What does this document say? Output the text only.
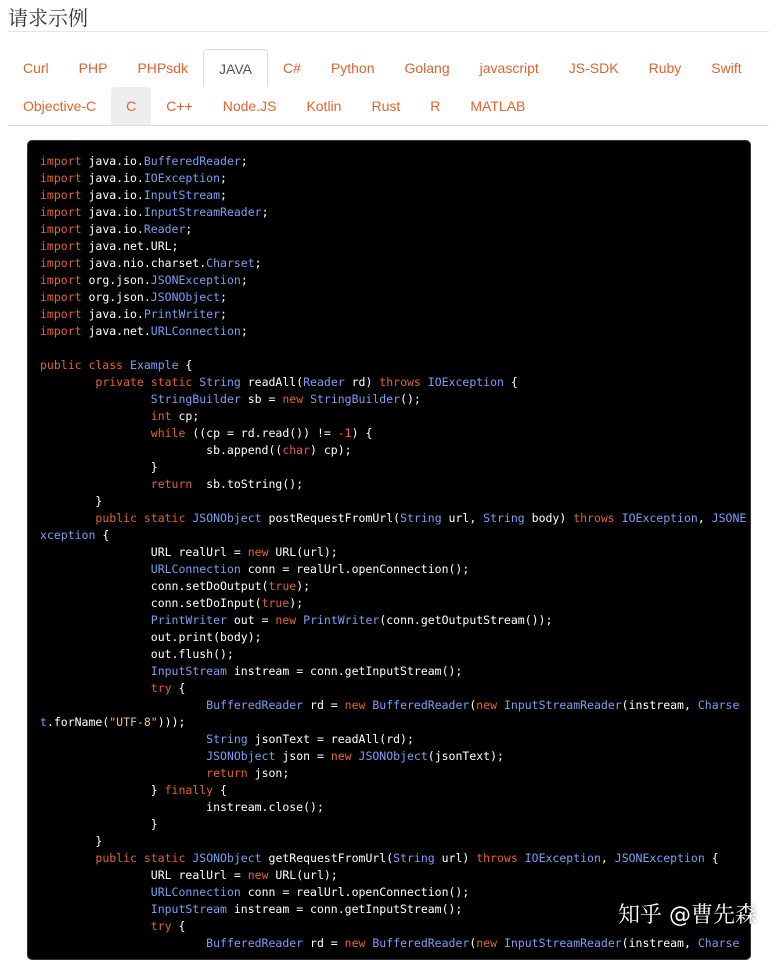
请求示例
Curl	PHP	PHPsdk	JAVA	C#	Python	Golang	javascript	JS-SDK	Ruby	Swift
Objective-C	C	C++	Node.JS	Kotlin	Rust	R	MATLAB
import java.io.BufferedReader;
import java.io.IOException;
import java.io.InputStream;
import java.io.InputStreamReader;
import java.io.Reader;
import java.net.URL;
import java.nio.charset.Charset;
import org.json.JSONException;
import org.json.JSONObject;
import java.io.PrintWriter;
import java.net.URLConnection;

public class Example {
private static String readAll(Reader rd) throws IOException {
StringBuilder sb = new StringBuilder();
int cp;
while ((cp = rd.read()) != -1) {
sb.append((char) cp);
}
return  sb.toString();
}
public static JSONObject postRequestFromUrl(String url, String body) throws IOException, JSONE
xception {
URL realUrl = new URL(url);
URLConnection conn = realUrl.openConnection();
conn.setDoOutput(true);
conn.setDoInput(true);
PrintWriter out = new PrintWriter(conn.getOutputStream());
out.print(body);
out.flush();
InputStream instream = conn.getInputStream();
try {
BufferedReader rd = new BufferedReader(new InputStreamReader(instream, Charse
t.forName("UTF-8")));
String jsonText = readAll(rd);
JSONObject json = new JSONObject(jsonText);
return json;
} finally {
instream.close();
}
}
public static JSONObject getRequestFromUrl(String url) throws IOException, JSONException {
URL realUrl = new URL(url);
URLConnection conn = realUrl.openConnection();
InputStream instream = conn.getInputStream();
try {
BufferedReader rd = new BufferedReader(new InputStreamReader(instream, Charse
知乎 @曹先森
